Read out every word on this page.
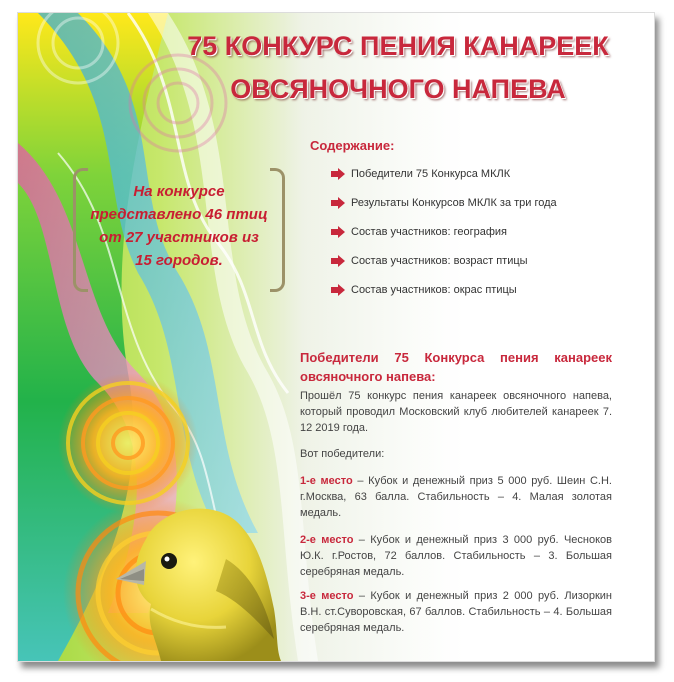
75 КОНКУРС ПЕНИЯ КАНАРЕЕК
ОВСЯНОЧНОГО НАПЕВА
Содержание:
Победители 75 Конкурса МКЛК
Результаты Конкурсов МКЛК за три года
Состав участников: география
Состав участников: возраст птицы
Состав участников: окрас птицы
На конкурсе представлено 46 птиц от 27 участников из 15 городов.
Победители 75 Конкурса пения канареек
овсяночного напева:
Прошёл 75 конкурс пения канареек овсяночного напева, который проводил Московский клуб любителей канареек 7. 12 2019 года.
Вот победители:
1-е место – Кубок и денежный приз 5 000 руб. Шеин С.Н. г.Москва, 63 балла. Стабильность – 4. Малая золотая медаль.
2-е место – Кубок и денежный приз 3 000 руб. Чесноков Ю.К. г.Ростов, 72 баллов. Стабильность – 3. Большая серебряная медаль.
3-е место – Кубок и денежный приз 2 000 руб. Лизоркин В.Н. ст.Суворовская, 67 баллов. Стабильность – 4. Большая серебряная медаль.
